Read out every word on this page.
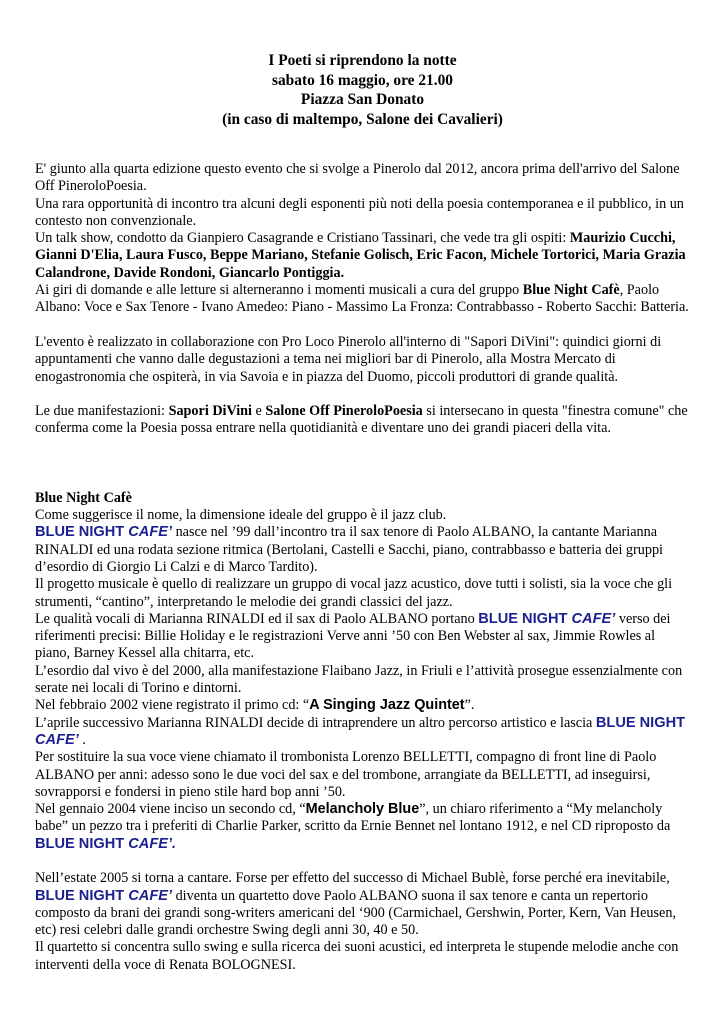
I Poeti si riprendono la notte
sabato 16 maggio, ore 21.00
Piazza San Donato
(in caso di maltempo, Salone dei Cavalieri)

E' giunto alla quarta edizione questo evento che si svolge a Pinerolo dal 2012, ancora prima dell'arrivo del Salone Off PineroloPoesia.

Una rara opportunità di incontro tra alcuni degli esponenti più noti della poesia contemporanea e il pubblico, in un contesto non convenzionale.

Un talk show, condotto da Gianpiero Casagrande e Cristiano Tassinari, che vede tra gli ospiti: Maurizio Cucchi, Gianni D'Elia, Laura Fusco, Beppe Mariano, Stefanie Golisch, Eric Facon, Michele Tortorici, Maria Grazia Calandrone, Davide Rondoni, Giancarlo Pontiggia.

Ai giri di domande e alle letture si alterneranno i momenti musicali a cura del gruppo Blue Night Cafè, Paolo Albano: Voce e Sax Tenore - Ivano Amedeo: Piano - Massimo La Fronza: Contrabbasso - Roberto Sacchi: Batteria.

L'evento è realizzato in collaborazione con Pro Loco Pinerolo all'interno di "Sapori DiVini": quindici giorni di appuntamenti che vanno dalle degustazioni a tema nei migliori bar di Pinerolo, alla Mostra Mercato di enogastronomia che ospiterà, in via Savoia e in piazza del Duomo, piccoli produttori di grande qualità.

Le due manifestazioni: Sapori DiVini e Salone Off PineroloPoesia si intersecano in questa "finestra comune" che conferma come la Poesia possa entrare nella quotidianità e diventare uno dei grandi piaceri della vita.

Blue Night Cafè

Come suggerisce il nome, la dimensione ideale del gruppo è il jazz club.

BLUE NIGHT CAFE’ nasce nel ’99 dall’incontro tra il sax tenore di Paolo ALBANO, la cantante Marianna RINALDI ed una rodata sezione ritmica (Bertolani, Castelli e Sacchi, piano, contrabbasso e batteria dei gruppi d’esordio di Giorgio Li Calzi e di Marco Tardito).

Il progetto musicale è quello di realizzare un gruppo di vocal jazz acustico, dove tutti i solisti, sia la voce che gli strumenti, “cantino”, interpretando le melodie dei grandi classici del jazz.

Le qualità vocali di Marianna RINALDI ed il sax di Paolo ALBANO portano BLUE NIGHT CAFE’ verso dei riferimenti precisi: Billie Holiday e le registrazioni Verve anni ’50 con Ben Webster al sax, Jimmie Rowles al piano, Barney Kessel alla chitarra, etc.

L’esordio dal vivo è del 2000, alla manifestazione Flaibano Jazz, in Friuli e l’attività prosegue essenzialmente con serate nei locali di Torino e dintorni.

Nel febbraio 2002 viene registrato il primo cd: “A Singing Jazz Quintet”.

L’aprile successivo Marianna RINALDI decide di intraprendere un altro percorso artistico e lascia BLUE NIGHT CAFE’ .

Per sostituire la sua voce viene chiamato il trombonista Lorenzo BELLETTI, compagno di front line di Paolo ALBANO per anni: adesso sono le due voci del sax e del trombone, arrangiate da BELLETTI, ad inseguirsi, sovrapporsi e fondersi in pieno stile hard bop anni ’50.

Nel gennaio 2004 viene inciso un secondo cd, “Melancholy Blue”, un chiaro riferimento a “My melancholy babe” un pezzo tra i preferiti di Charlie Parker, scritto da Ernie Bennet nel lontano 1912, e nel CD riproposto da BLUE NIGHT CAFE’.

Nell’estate 2005 si torna a cantare. Forse per effetto del successo di Michael Bublè, forse perché era inevitabile, BLUE NIGHT CAFE’ diventa un quartetto dove Paolo ALBANO suona il sax tenore e canta un repertorio composto da brani dei grandi song-writers americani del ‘900 (Carmichael, Gershwin, Porter, Kern, Van Heusen, etc) resi celebri dalle grandi orchestre Swing degli anni 30, 40 e 50.

Il quartetto si concentra sullo swing e sulla ricerca dei suoni acustici, ed interpreta le stupende melodie anche con interventi della voce di Renata BOLOGNESI.
